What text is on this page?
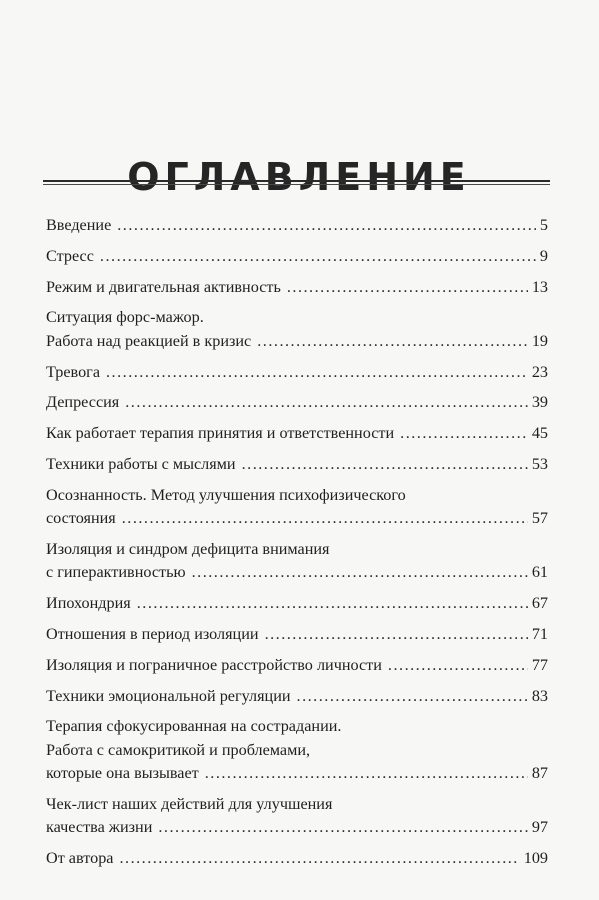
ОГЛАВЛЕНИЕ
Введение .....	5
Стресс .....	9
Режим и двигательная активность .....	13
Ситуация форс-мажор.
Работа над реакцией в кризис .....	19
Тревога .....	23
Депрессия .....	39
Как работает терапия принятия и ответственности .....	45
Техники работы с мыслями .....	53
Осознанность. Метод улучшения психофизического
состояния .....	57
Изоляция и синдром дефицита внимания
с гиперактивностью .....	61
Ипохондрия .....	67
Отношения в период изоляции .....	71
Изоляция и пограничное расстройство личности .....	77
Техники эмоциональной регуляции .....	83
Терапия сфокусированная на сострадании.
Работа с самокритикой и проблемами,
которые она вызывает .....	87
Чек-лист наших действий для улучшения
качества жизни .....	97
От автора .....	109
